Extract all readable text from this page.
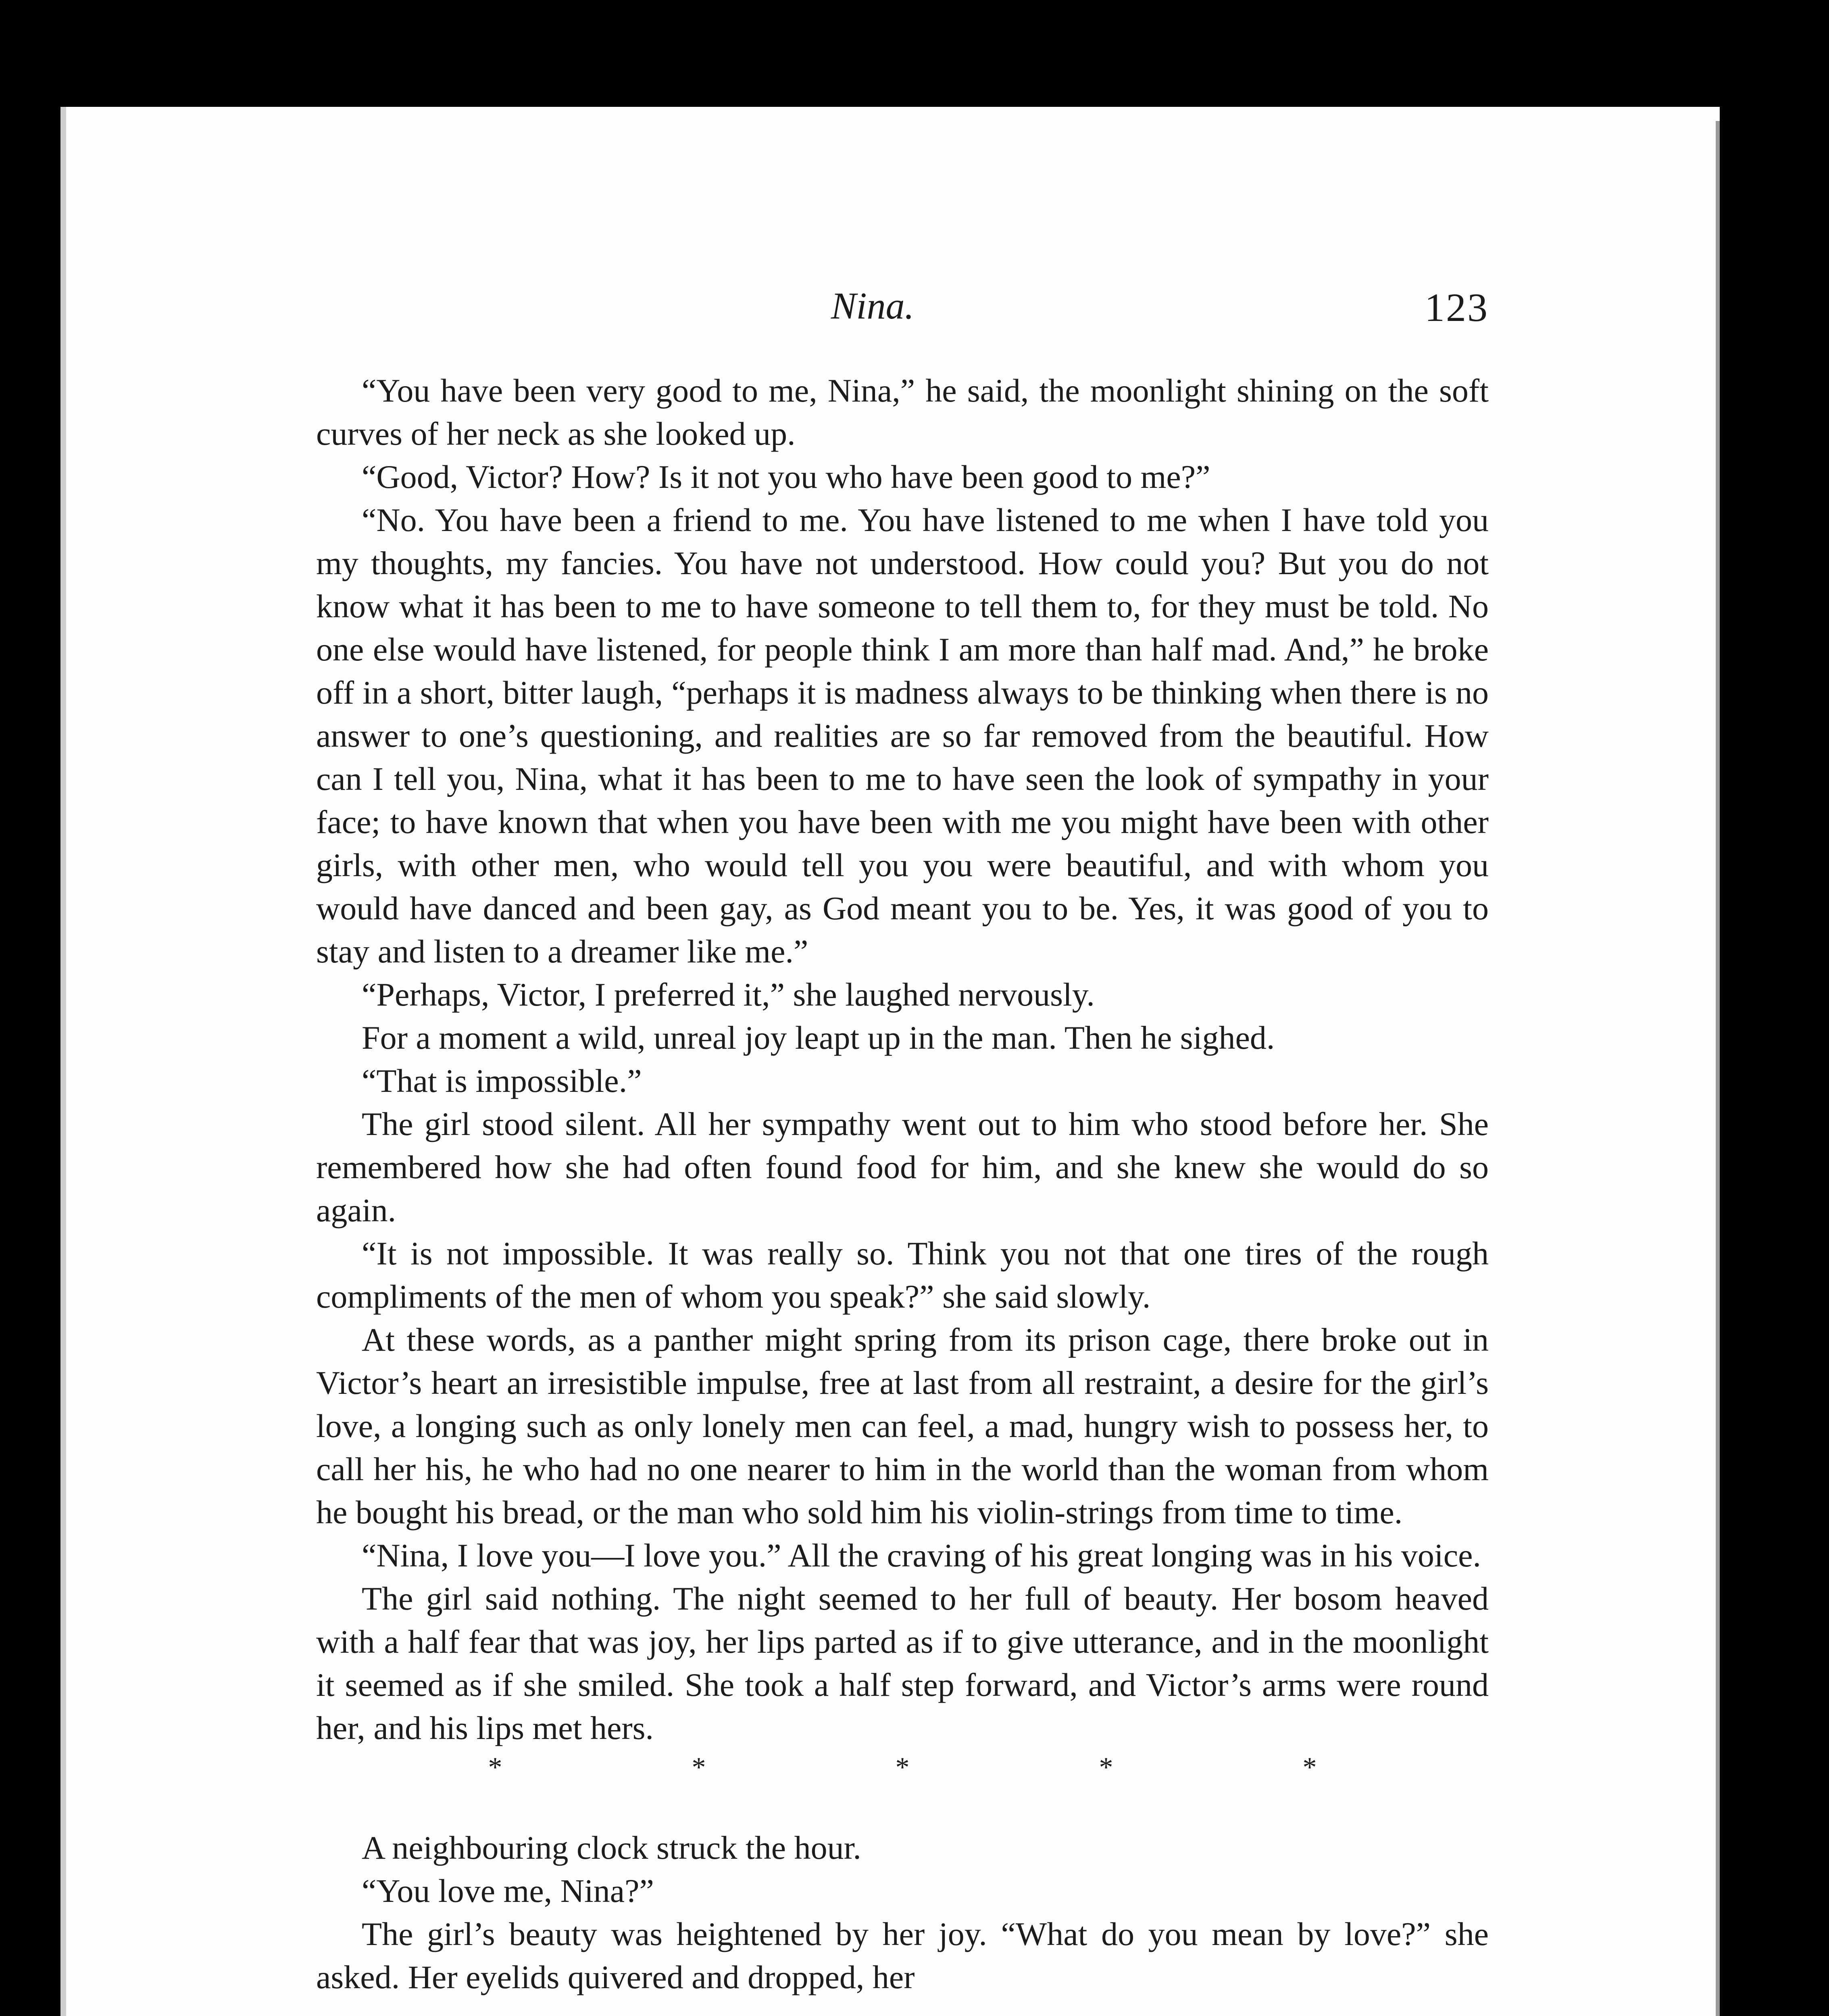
Nina.	123

“You have been very good to me, Nina,” he said, the moonlight shining on the soft curves of her neck as she looked up.

“Good, Victor? How? Is it not you who have been good to me?”

“No. You have been a friend to me. You have listened to me when I have told you my thoughts, my fancies. You have not understood. How could you? But you do not know what it has been to me to have someone to tell them to, for they must be told. No one else would have listened, for people think I am more than half mad. And,” he broke off in a short, bitter laugh, “perhaps it is madness always to be thinking when there is no answer to one’s questioning, and realities are so far removed from the beautiful. How can I tell you, Nina, what it has been to me to have seen the look of sympathy in your face; to have known that when you have been with me you might have been with other girls, with other men, who would tell you you were beautiful, and with whom you would have danced and been gay, as God meant you to be. Yes, it was good of you to stay and listen to a dreamer like me.”

“Perhaps, Victor, I preferred it,” she laughed nervously.

For a moment a wild, unreal joy leapt up in the man. Then he sighed.

“That is impossible.”

The girl stood silent. All her sympathy went out to him who stood before her. She remembered how she had often found food for him, and she knew she would do so again.

“It is not impossible. It was really so. Think you not that one tires of the rough compliments of the men of whom you speak?” she said slowly.

At these words, as a panther might spring from its prison cage, there broke out in Victor’s heart an irresistible impulse, free at last from all restraint, a desire for the girl’s love, a longing such as only lonely men can feel, a mad, hungry wish to possess her, to call her his, he who had no one nearer to him in the world than the woman from whom he bought his bread, or the man who sold him his violin-strings from time to time.

“Nina, I love you—I love you.” All the craving of his great longing was in his voice.

The girl said nothing. The night seemed to her full of beauty. Her bosom heaved with a half fear that was joy, her lips parted as if to give utterance, and in the moonlight it seemed as if she smiled. She took a half step forward, and Victor’s arms were round her, and his lips met hers.

*	*	*	*	*

A neighbouring clock struck the hour.

“You love me, Nina?”

The girl’s beauty was heightened by her joy. “What do you mean by love?” she asked. Her eyelids quivered and dropped, her
